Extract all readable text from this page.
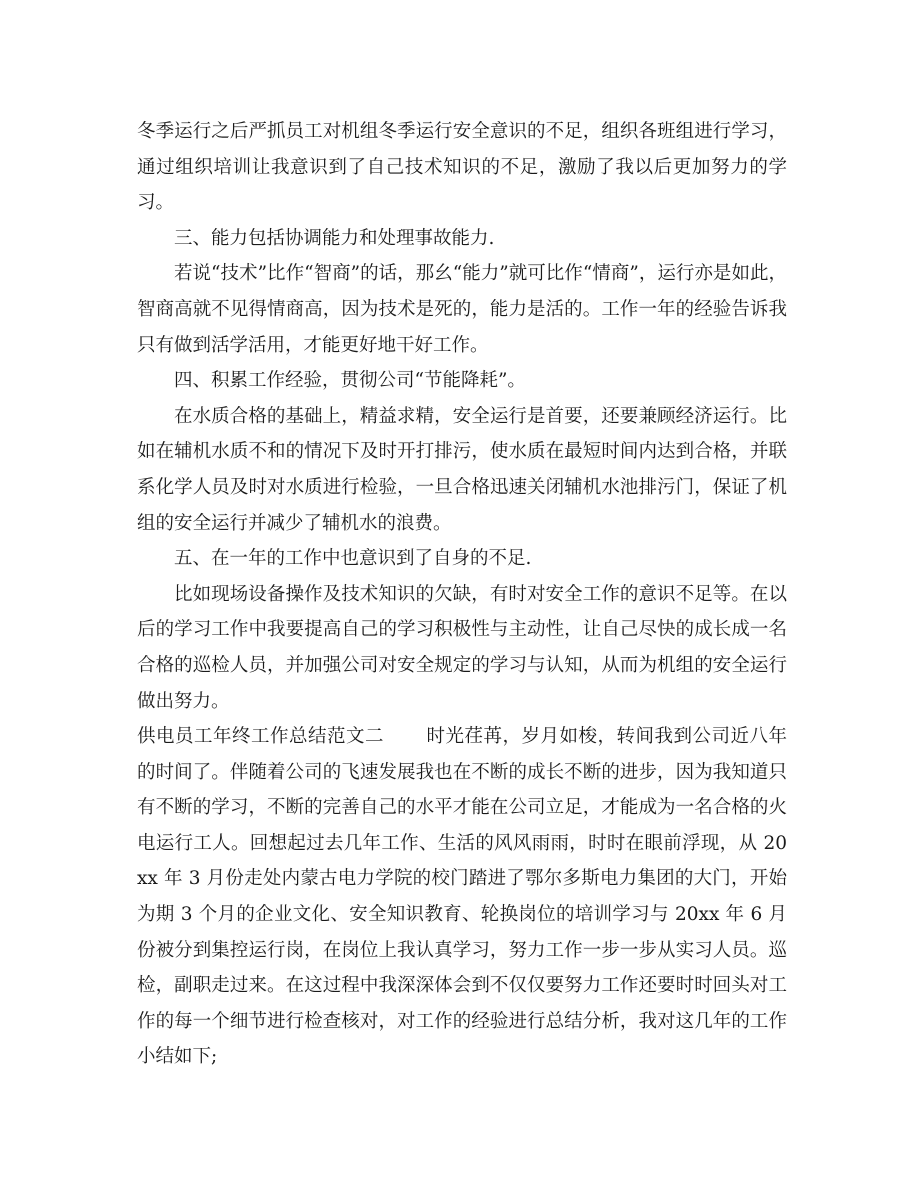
冬季运行之后严抓员工对机组冬季运行安全意识的不足，组织各班组进行学习，通过组织培训让我意识到了自己技术知识的不足，激励了我以后更加努力的学习。

三、能力包括协调能力和处理事故能力.

若说“技术”比作“智商”的话，那幺“能力”就可比作“情商”，运行亦是如此，智商高就不见得情商高，因为技术是死的，能力是活的。工作一年的经验告诉我只有做到活学活用，才能更好地干好工作。

四、积累工作经验，贯彻公司“节能降耗”。

在水质合格的基础上，精益求精，安全运行是首要，还要兼顾经济运行。比如在辅机水质不和的情况下及时开打排污，使水质在最短时间内达到合格，并联系化学人员及时对水质进行检验，一旦合格迅速关闭辅机水池排污门，保证了机组的安全运行并减少了辅机水的浪费。

五、在一年的工作中也意识到了自身的不足.

比如现场设备操作及技术知识的欠缺，有时对安全工作的意识不足等。在以后的学习工作中我要提高自己的学习积极性与主动性，让自己尽快的成长成一名合格的巡检人员，并加强公司对安全规定的学习与认知，从而为机组的安全运行做出努力。

供电员工年终工作总结范文二 时光荏苒，岁月如梭，转间我到公司近八年的时间了。伴随着公司的飞速发展我也在不断的成长不断的进步，因为我知道只有不断的学习，不断的完善自己的水平才能在公司立足，才能成为一名合格的火电运行工人。回想起过去几年工作、生活的风风雨雨，时时在眼前浮现，从 20xx 年 3 月份走处内蒙古电力学院的校门踏进了鄂尔多斯电力集团的大门，开始为期 3 个月的企业文化、安全知识教育、轮换岗位的培训学习与 20xx 年 6 月份被分到集控运行岗，在岗位上我认真学习，努力工作一步一步从实习人员。巡检，副职走过来。在这过程中我深深体会到不仅仅要努力工作还要时时回头对工作的每一个细节进行检查核对，对工作的经验进行总结分析，我对这几年的工作小结如下;
